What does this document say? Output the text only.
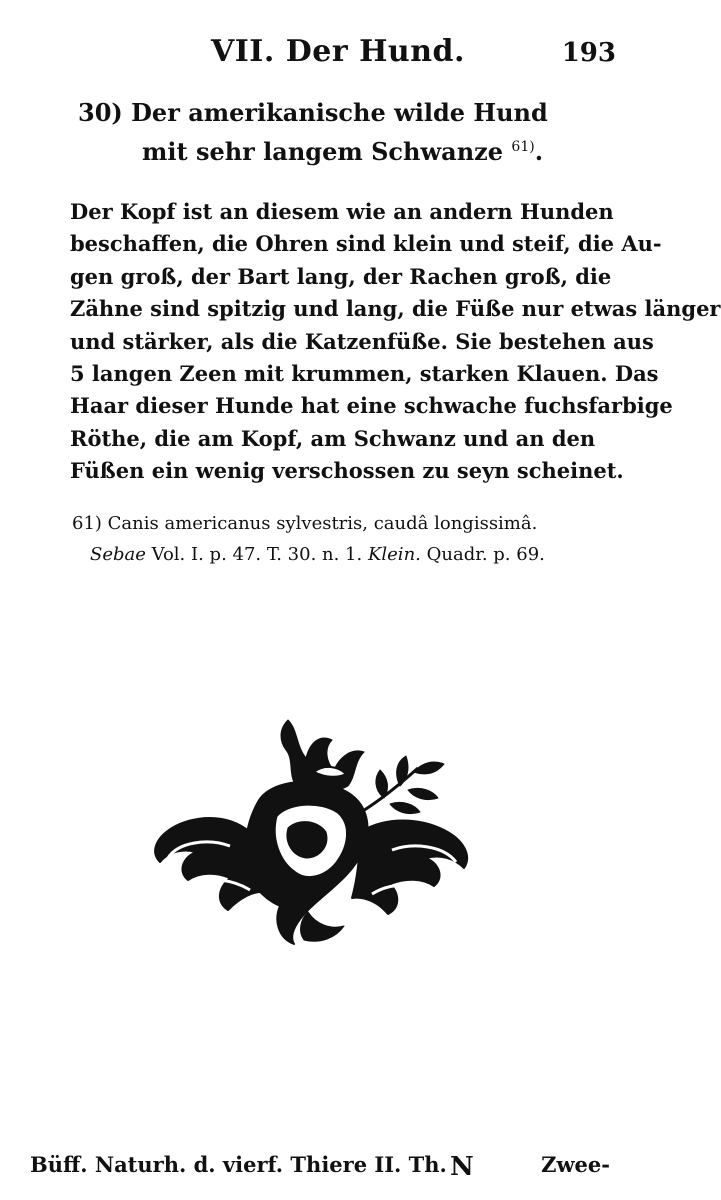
VII. Der Hund.	193
30) Der amerikanische wilde Hund
mit sehr langem Schwanze $^{61)}$.
Der Kopf ist an diesem wie an andern Hunden
beschaffen, die Ohren sind klein und steif, die Au-
gen groß, der Bart lang, der Rachen groß, die
Zähne sind spitzig und lang, die Füße nur etwas länger
und stärker, als die Katzenfüße. Sie bestehen aus
5 langen Zeen mit krummen, starken Klauen. Das
Haar dieser Hunde hat eine schwache fuchsfarbige
Röthe, die am Kopf, am Schwanz und an den
Füßen ein wenig verschossen zu seyn scheinet.
61) Canis americanus sylvestris, caudâ longissimâ.
Sebae Vol. I. p. 47. T. 30. n. 1. Klein. Quadr. p. 69.
Büff. Naturh. d. vierf. Thiere II. Th. N	Zwee-
